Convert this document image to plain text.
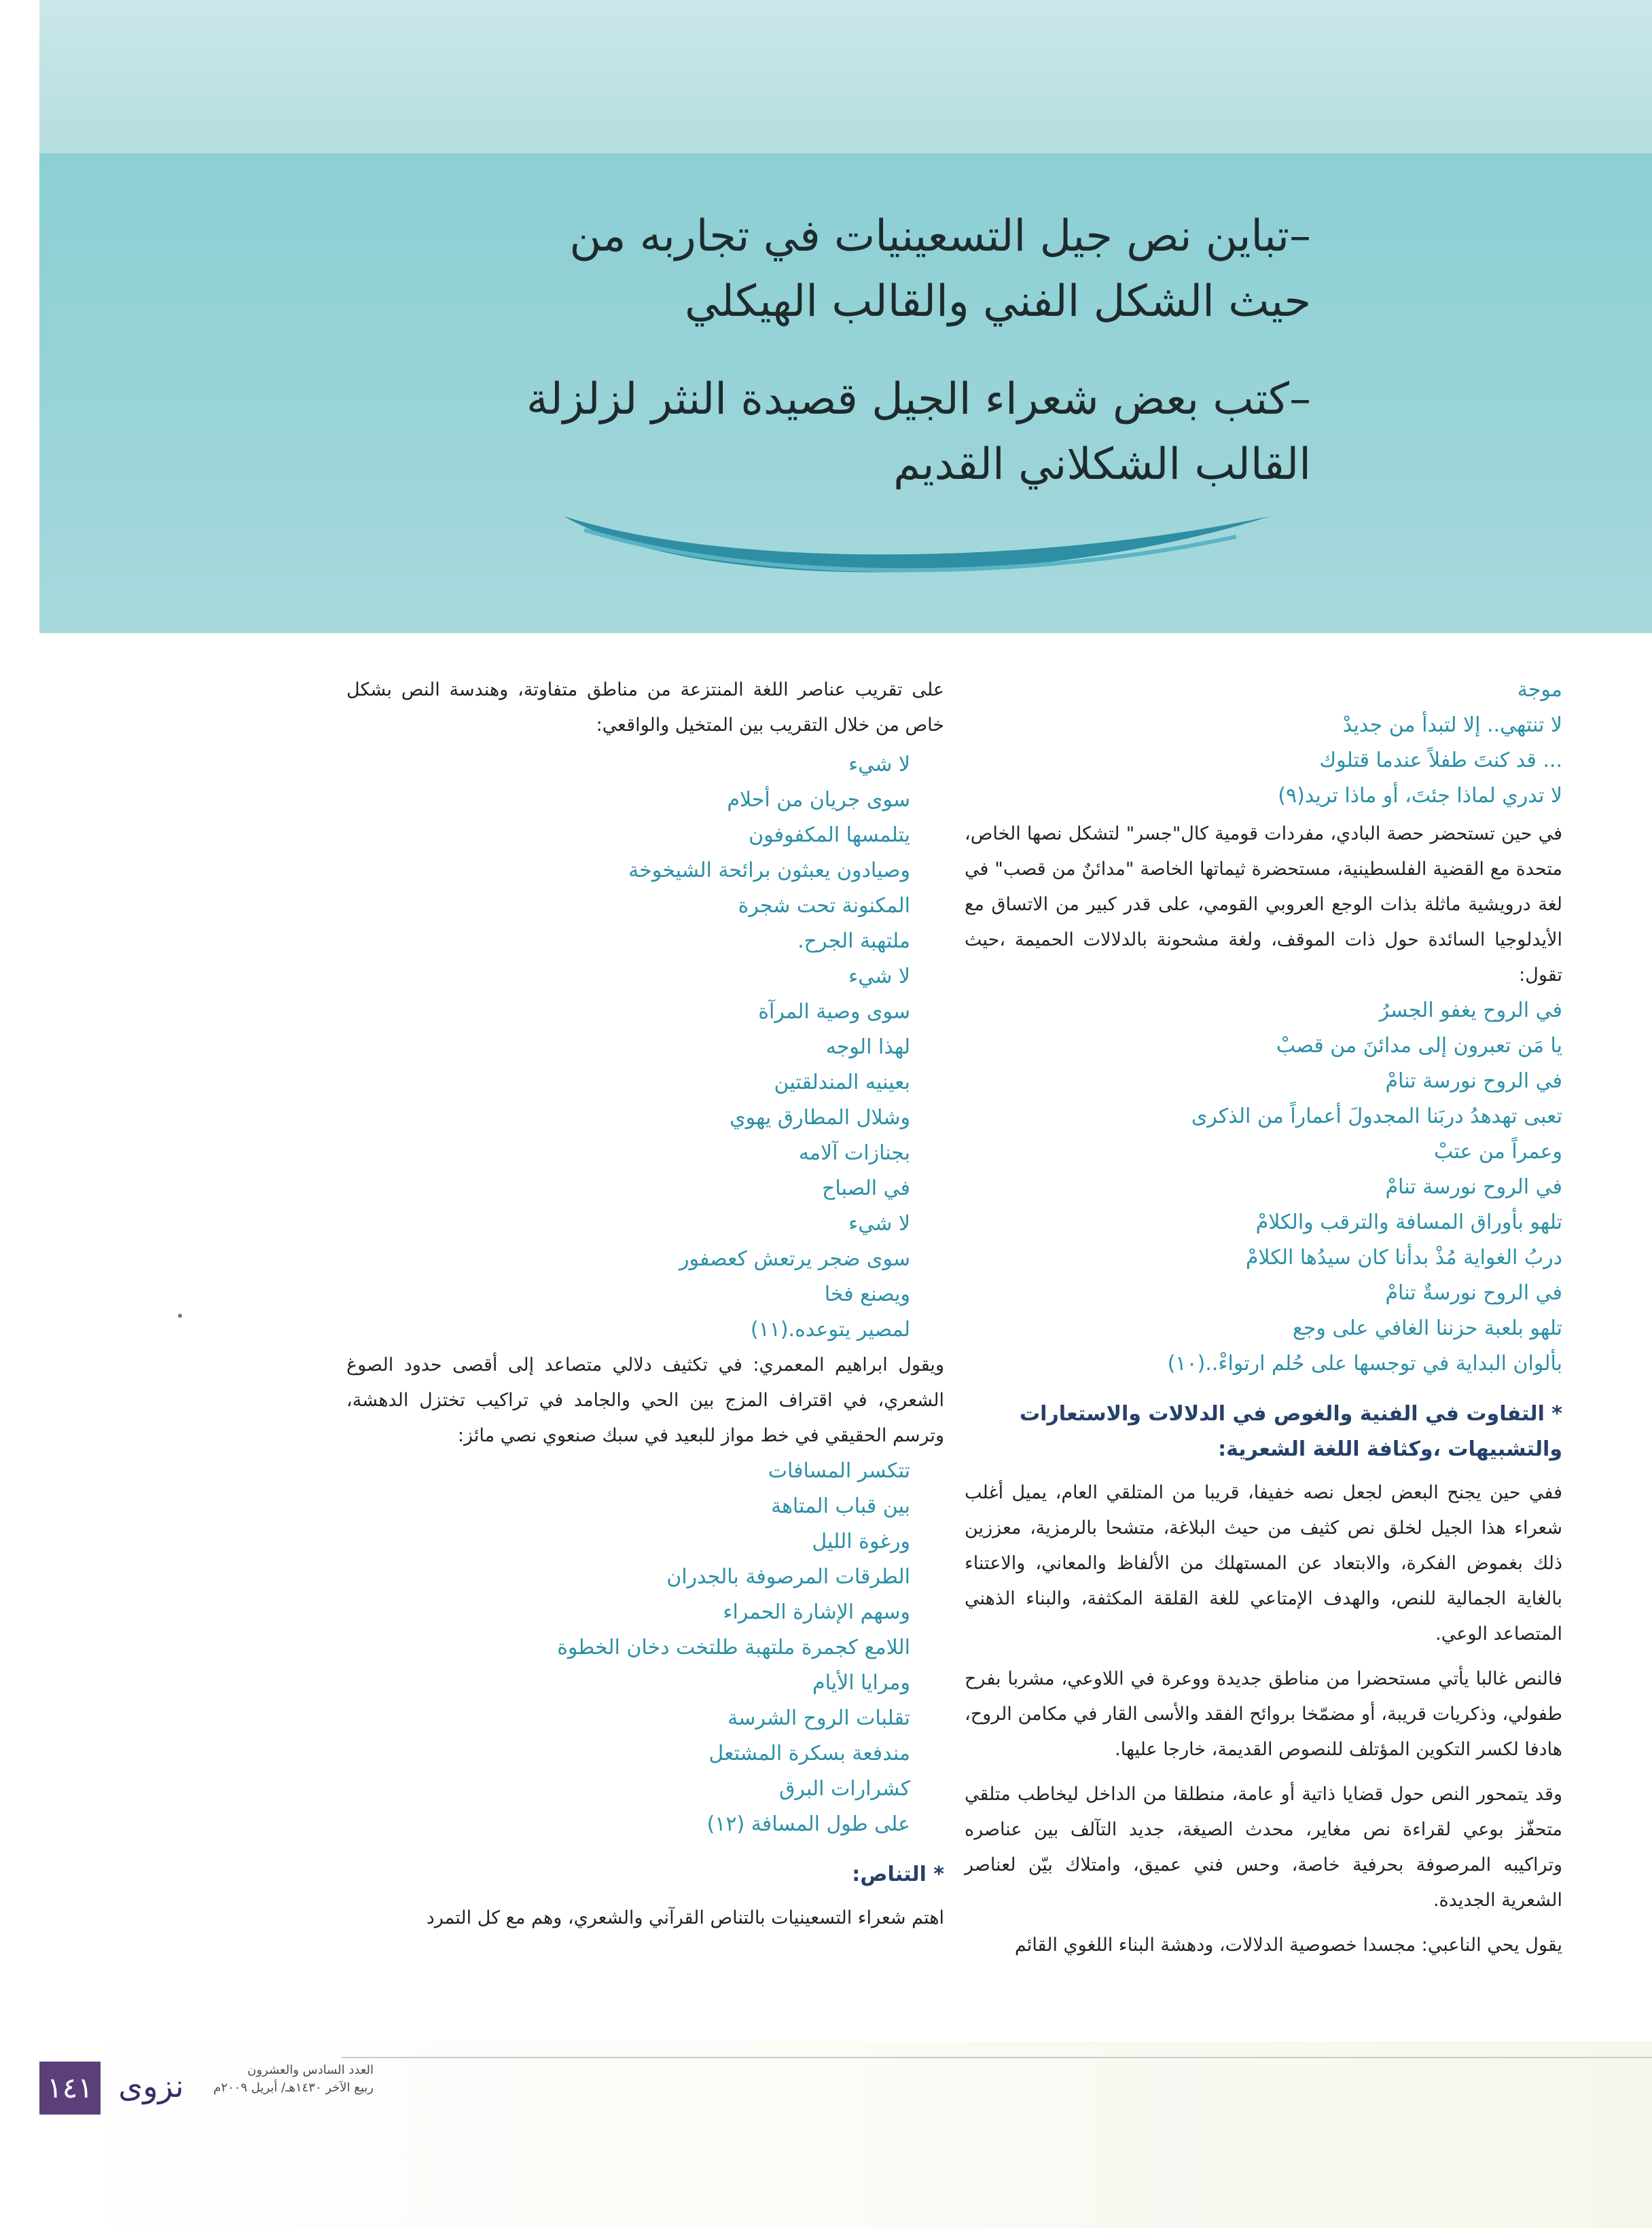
–تباين نص جيل التسعينيات في تجاربه من حيث الشكل الفني والقالب الهيكلي
–كتب بعض شعراء الجيل قصيدة النثر لزلزلة القالب الشكلاني القديم
موجة
لا تنتهي.. إلا لتبدأ من جديدْ
... قد كنتَ طفلاً عندما قتلوك
لا تدري لماذا جئتَ، أو ماذا تريد(٩)

في حين تستحضر حصة البادي، مفردات قومية كال"جسر" لتشكل نصها الخاص، متحدة مع القضية الفلسطينية، مستحضرة ثيماتها الخاصة "مدائنٌ من قصب" في لغة درويشية ماثلة بذات الوجع العروبي القومي، على قدر كبير من الاتساق مع الأيدلوجيا السائدة حول ذات الموقف، ولغة مشحونة بالدلالات الحميمة ،حيث تقول:

في الروح يغفو الجسرُ
يا مَن تعبرون إلى مدائنَ من قصبْ
في الروح نورسة تنامْ
تعبى تهدهدُ دربَنا المجدولَ أعماراً من الذكرى
وعمراً من عتبْ
في الروح نورسة تنامْ
تلهو بأوراق المسافة والترقب والكلامْ
دربُ الغواية مُذْ بدأنا كان سيدُها الكلامْ
في الروح نورسةٌ تنامْ
تلهو بلعبة حزننا الغافي على وجع
بألوان البداية في توجسها على حُلم ارتواءْ..(١٠)
* التفاوت في الفنية والغوص في الدلالات والاستعارات والتشبيهات ،وكثافة اللغة الشعرية:

ففي حين يجنح البعض لجعل نصه خفيفا، قريبا من المتلقي العام، يميل أغلب شعراء هذا الجيل لخلق نص كثيف من حيث البلاغة، متشحا بالرمزية، معززين ذلك بغموض الفكرة، والابتعاد عن المستهلك من الألفاظ والمعاني، والاعتناء بالغاية الجمالية للنص، والهدف الإمتاعي للغة القلقة المكثفة، والبناء الذهني المتصاعد الوعي.

فالنص غالبا يأتي مستحضرا من مناطق جديدة ووعرة في اللاوعي، مشربا بفرح طفولي، وذكريات قريبة، أو مضمّخا بروائح الفقد والأسى القار في مكامن الروح، هادفا لكسر التكوين المؤتلف للنصوص القديمة، خارجا عليها.

وقد يتمحور النص حول قضايا ذاتية أو عامة، منطلقا من الداخل ليخاطب متلقي متحفّز بوعي لقراءة نص مغاير، محدث الصيغة، جديد التآلف بين عناصره وتراكيبه المرصوفة بحرفية خاصة، وحس فني عميق، وامتلاك بيّن لعناصر الشعرية الجديدة.

يقول يحي الناعبي: مجسدا خصوصية الدلالات، ودهشة البناء اللغوي القائم

على تقريب عناصر اللغة المنتزعة من مناطق متفاوتة، وهندسة النص بشكل خاص من خلال التقريب بين المتخيل والواقعي:

لا شيء
سوى جريان من أحلام
يتلمسها المكفوفون
وصيادون يعبثون برائحة الشيخوخة
المكنونة تحت شجرة
ملتهبة الجرح.
لا شيء
سوى وصية المرآة
لهذا الوجه
بعينيه المندلقتين
وشلال المطارق يهوي
بجنازات آلامه
في الصباح
لا شيء
سوى ضجر يرتعش كعصفور
ويصنع فخا
لمصير يتوعده.(١١)

ويقول ابراهيم المعمري: في تكثيف دلالي متصاعد إلى أقصى حدود الصوغ الشعري، في اقتراف المزج بين الحي والجامد في تراكيب تختزل الدهشة، وترسم الحقيقي في خط مواز للبعيد في سبك صنعوي نصي مائز:

تتكسر المسافات
بين قباب المتاهة
ورغوة الليل
الطرقات المرصوفة بالجدران
وسهم الإشارة الحمراء
اللامع كجمرة ملتهبة طلتخت دخان الخطوة
ومرايا الأيام
تقلبات الروح الشرسة
مندفعة بسكرة المشتعل
كشرارات البرق
على طول المسافة (١٢)
* التناص:

اهتم شعراء التسعينيات بالتناص القرآني والشعري، وهم مع كل التمرد

١٤١ نزوى	العدد السادس والعشرون
ربيع الآخر ١٤٣٠هـ/ أبريل ٢٠٠٩م
